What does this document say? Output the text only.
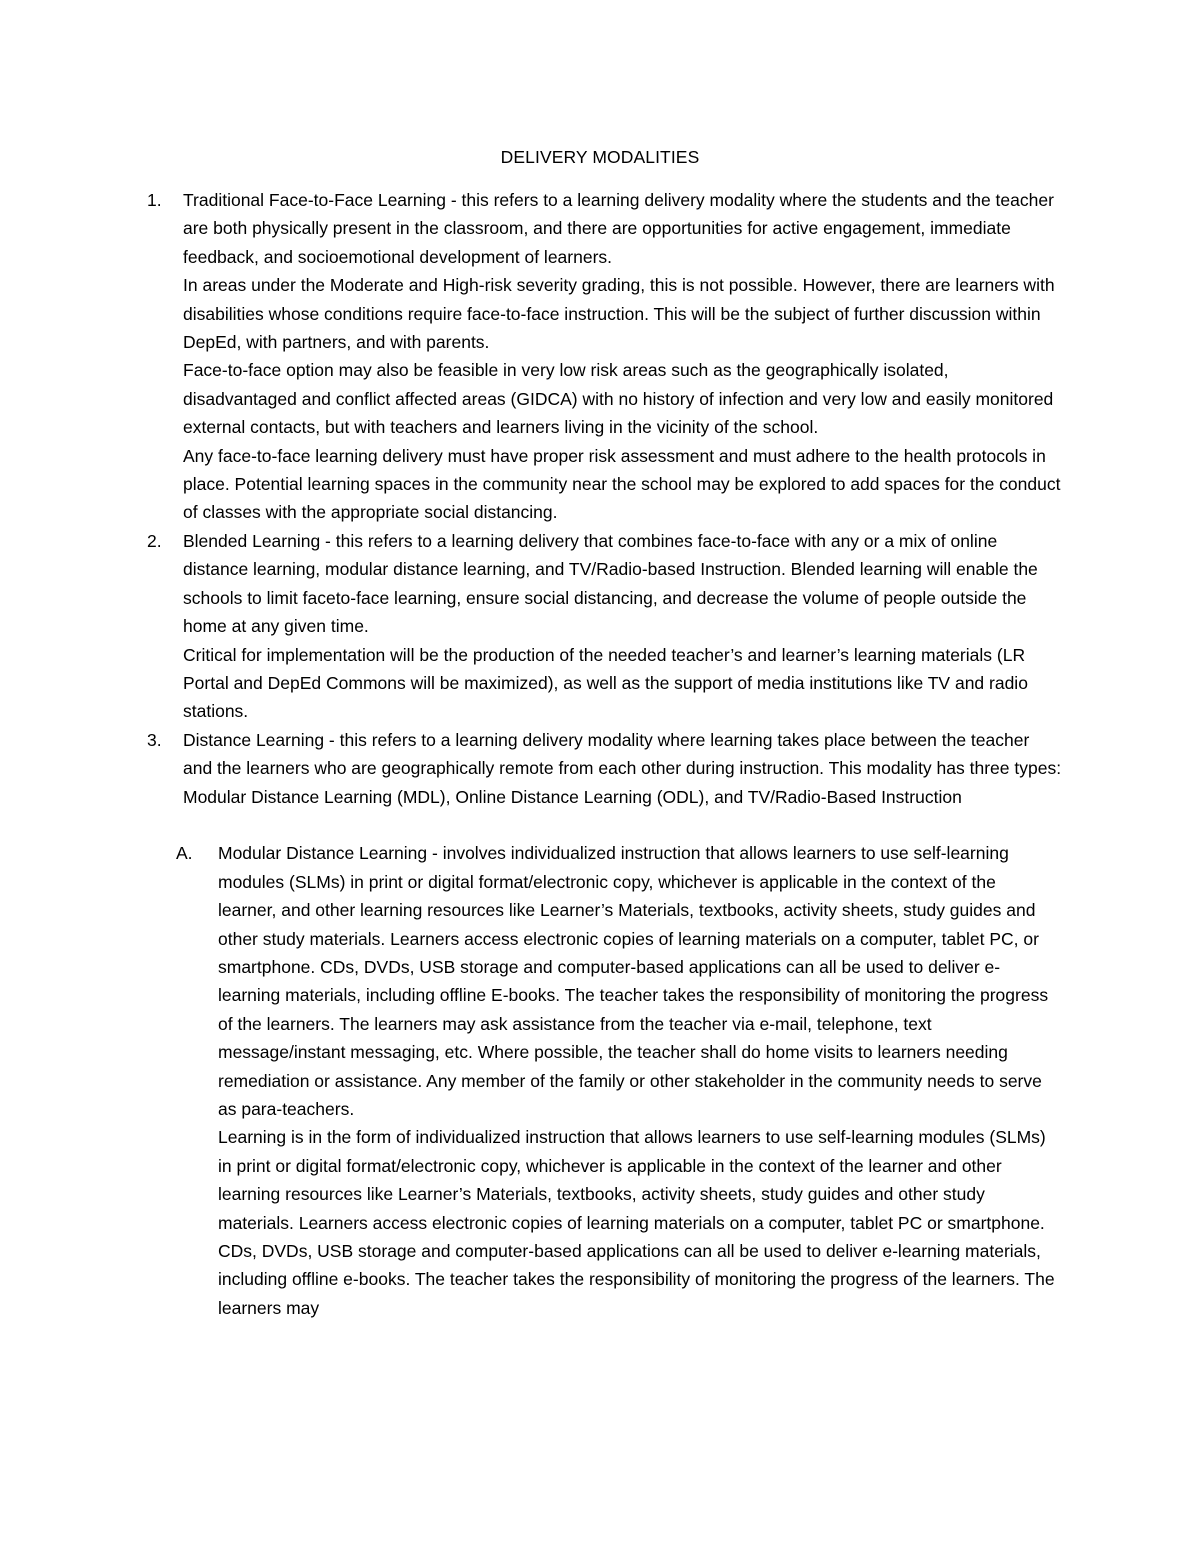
DELIVERY MODALITIES
1. Traditional Face-to-Face Learning - this refers to a learning delivery modality where the students and the teacher are both physically present in the classroom, and there are opportunities for active engagement, immediate feedback, and socioemotional development of learners.

In areas under the Moderate and High-risk severity grading, this is not possible. However, there are learners with disabilities whose conditions require face-to-face instruction. This will be the subject of further discussion within DepEd, with partners, and with parents.

Face-to-face option may also be feasible in very low risk areas such as the geographically isolated, disadvantaged and conflict affected areas (GIDCA) with no history of infection and very low and easily monitored external contacts, but with teachers and learners living in the vicinity of the school.

Any face-to-face learning delivery must have proper risk assessment and must adhere to the health protocols in place. Potential learning spaces in the community near the school may be explored to add spaces for the conduct of classes with the appropriate social distancing.

2. Blended Learning - this refers to a learning delivery that combines face-to-face with any or a mix of online distance learning, modular distance learning, and TV/Radio-based Instruction. Blended learning will enable the schools to limit faceto-face learning, ensure social distancing, and decrease the volume of people outside the home at any given time.

Critical for implementation will be the production of the needed teacher’s and learner’s learning materials (LR Portal and DepEd Commons will be maximized), as well as the support of media institutions like TV and radio stations.

3. Distance Learning - this refers to a learning delivery modality where learning takes place between the teacher and the learners who are geographically remote from each other during instruction. This modality has three types: Modular Distance Learning (MDL), Online Distance Learning (ODL), and TV/Radio-Based Instruction

A. Modular Distance Learning - involves individualized instruction that allows learners to use self-learning modules (SLMs) in print or digital format/electronic copy, whichever is applicable in the context of the learner, and other learning resources like Learner’s Materials, textbooks, activity sheets, study guides and other study materials. Learners access electronic copies of learning materials on a computer, tablet PC, or smartphone. CDs, DVDs, USB storage and computer-based applications can all be used to deliver e-learning materials, including offline E-books. The teacher takes the responsibility of monitoring the progress of the learners. The learners may ask assistance from the teacher via e-mail, telephone, text message/instant messaging, etc. Where possible, the teacher shall do home visits to learners needing remediation or assistance. Any member of the family or other stakeholder in the community needs to serve as para-teachers.

Learning is in the form of individualized instruction that allows learners to use self-learning modules (SLMs) in print or digital format/electronic copy, whichever is applicable in the context of the learner and other learning resources like Learner’s Materials, textbooks, activity sheets, study guides and other study materials. Learners access electronic copies of learning materials on a computer, tablet PC or smartphone. CDs, DVDs, USB storage and computer-based applications can all be used to deliver e-learning materials, including offline e-books. The teacher takes the responsibility of monitoring the progress of the learners. The learners may
